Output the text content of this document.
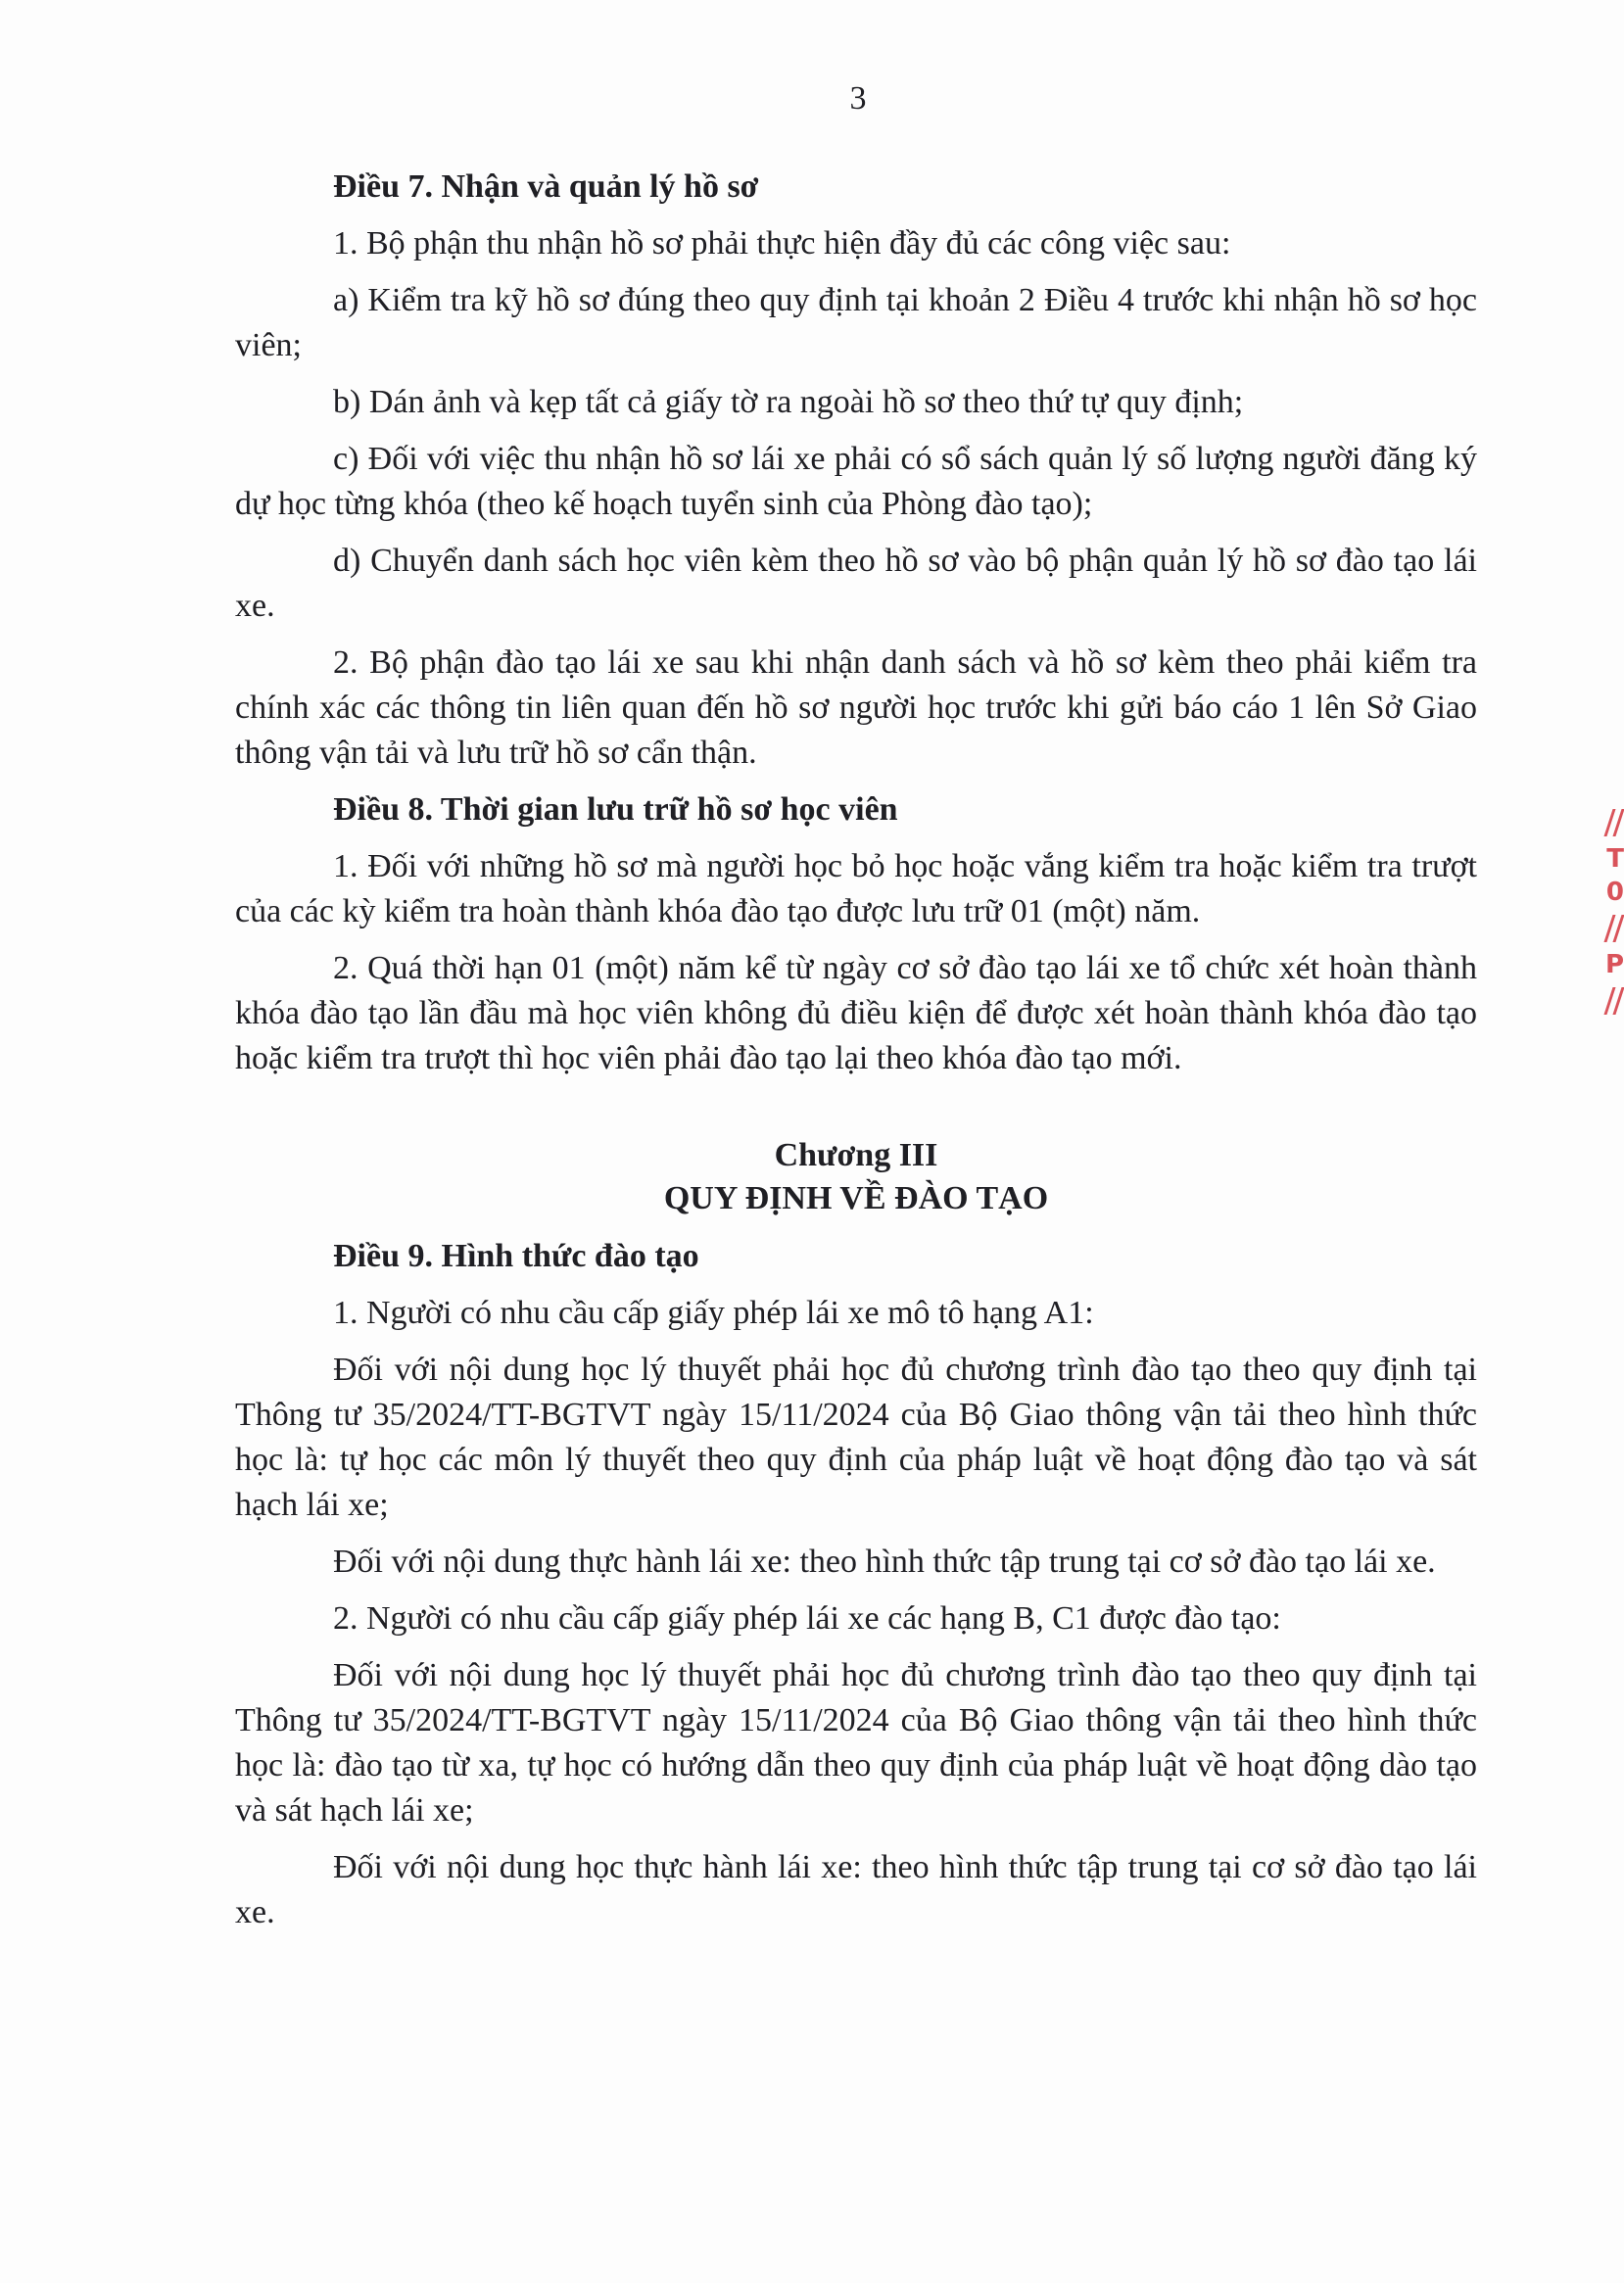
3
Điều 7. Nhận và quản lý hồ sơ

1. Bộ phận thu nhận hồ sơ phải thực hiện đầy đủ các công việc sau:

a) Kiểm tra kỹ hồ sơ đúng theo quy định tại khoản 2 Điều 4 trước khi nhận hồ sơ học viên;

b) Dán ảnh và kẹp tất cả giấy tờ ra ngoài hồ sơ theo thứ tự quy định;

c) Đối với việc thu nhận hồ sơ lái xe phải có sổ sách quản lý số lượng người đăng ký dự học từng khóa (theo kế hoạch tuyển sinh của Phòng đào tạo);

d) Chuyển danh sách học viên kèm theo hồ sơ vào bộ phận quản lý hồ sơ đào tạo lái xe.

2. Bộ phận đào tạo lái xe sau khi nhận danh sách và hồ sơ kèm theo phải kiểm tra chính xác các thông tin liên quan đến hồ sơ người học trước khi gửi báo cáo 1 lên Sở Giao thông vận tải và lưu trữ hồ sơ cẩn thận.

Điều 8. Thời gian lưu trữ hồ sơ học viên

1. Đối với những hồ sơ mà người học bỏ học hoặc vắng kiểm tra hoặc kiểm tra trượt của các kỳ kiểm tra hoàn thành khóa đào tạo được lưu trữ 01 (một) năm.

2. Quá thời hạn 01 (một) năm kể từ ngày cơ sở đào tạo lái xe tổ chức xét hoàn thành khóa đào tạo lần đầu mà học viên không đủ điều kiện để được xét hoàn thành khóa đào tạo hoặc kiểm tra trượt thì học viên phải đào tạo lại theo khóa đào tạo mới.

Chương III
QUY ĐỊNH VỀ ĐÀO TẠO
Điều 9. Hình thức đào tạo

1. Người có nhu cầu cấp giấy phép lái xe mô tô hạng A1:

Đối với nội dung học lý thuyết phải học đủ chương trình đào tạo theo quy định tại Thông tư 35/2024/TT-BGTVT ngày 15/11/2024 của Bộ Giao thông vận tải theo hình thức học là: tự học các môn lý thuyết theo quy định của pháp luật về hoạt động đào tạo và sát hạch lái xe;

Đối với nội dung thực hành lái xe: theo hình thức tập trung tại cơ sở đào tạo lái xe.

2. Người có nhu cầu cấp giấy phép lái xe các hạng B, C1 được đào tạo:

Đối với nội dung học lý thuyết phải học đủ chương trình đào tạo theo quy định tại Thông tư 35/2024/TT-BGTVT ngày 15/11/2024 của Bộ Giao thông vận tải theo hình thức học là: đào tạo từ xa, tự học có hướng dẫn theo quy định của pháp luật về hoạt động dào tạo và sát hạch lái xe;

Đối với nội dung học thực hành lái xe: theo hình thức tập trung tại cơ sở đào tạo lái xe.

T
0
P
